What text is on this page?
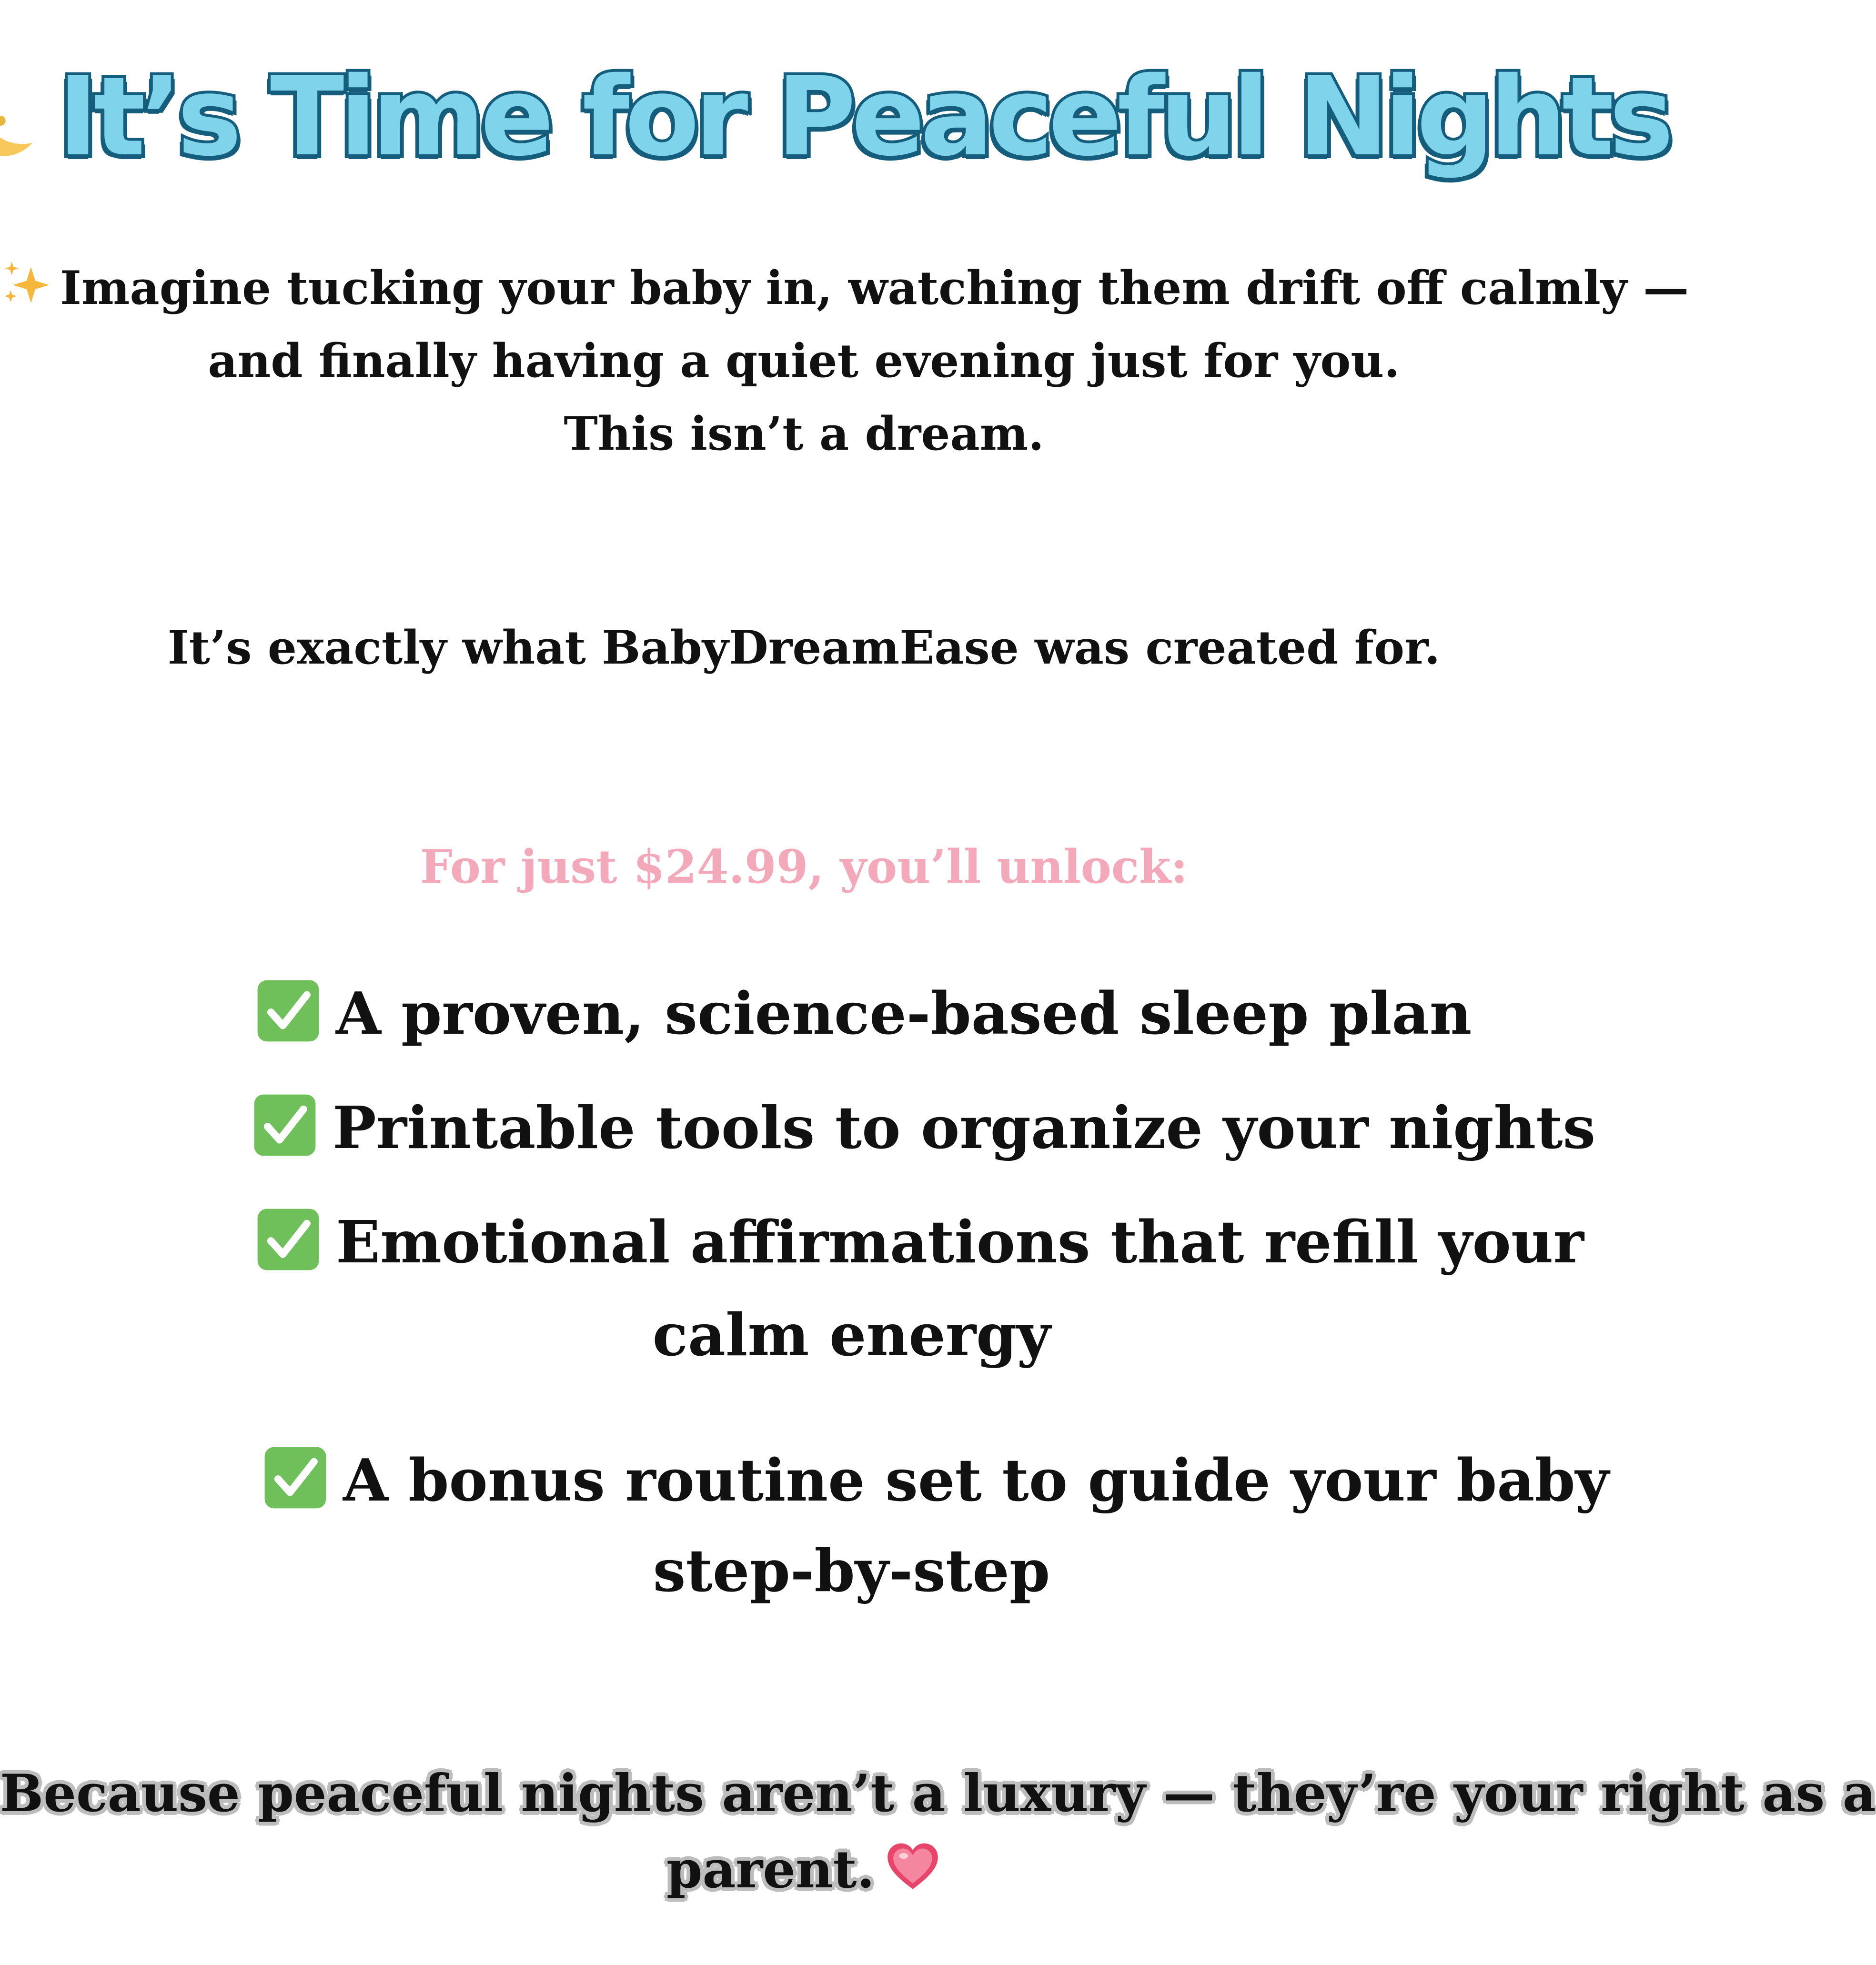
It’s Time for Peaceful Nights
Imagine tucking your baby in, watching them drift off calmly —
and finally having a quiet evening just for you.
This isn’t a dream.
It’s exactly what BabyDreamEase was created for.
For just $24.99, you’ll unlock:
A proven, science-based sleep plan
Printable tools to organize your nights
Emotional affirmations that refill your
calm energy
A bonus routine set to guide your baby
step-by-step
Because peaceful nights aren’t a luxury — they’re your right as a
parent.
